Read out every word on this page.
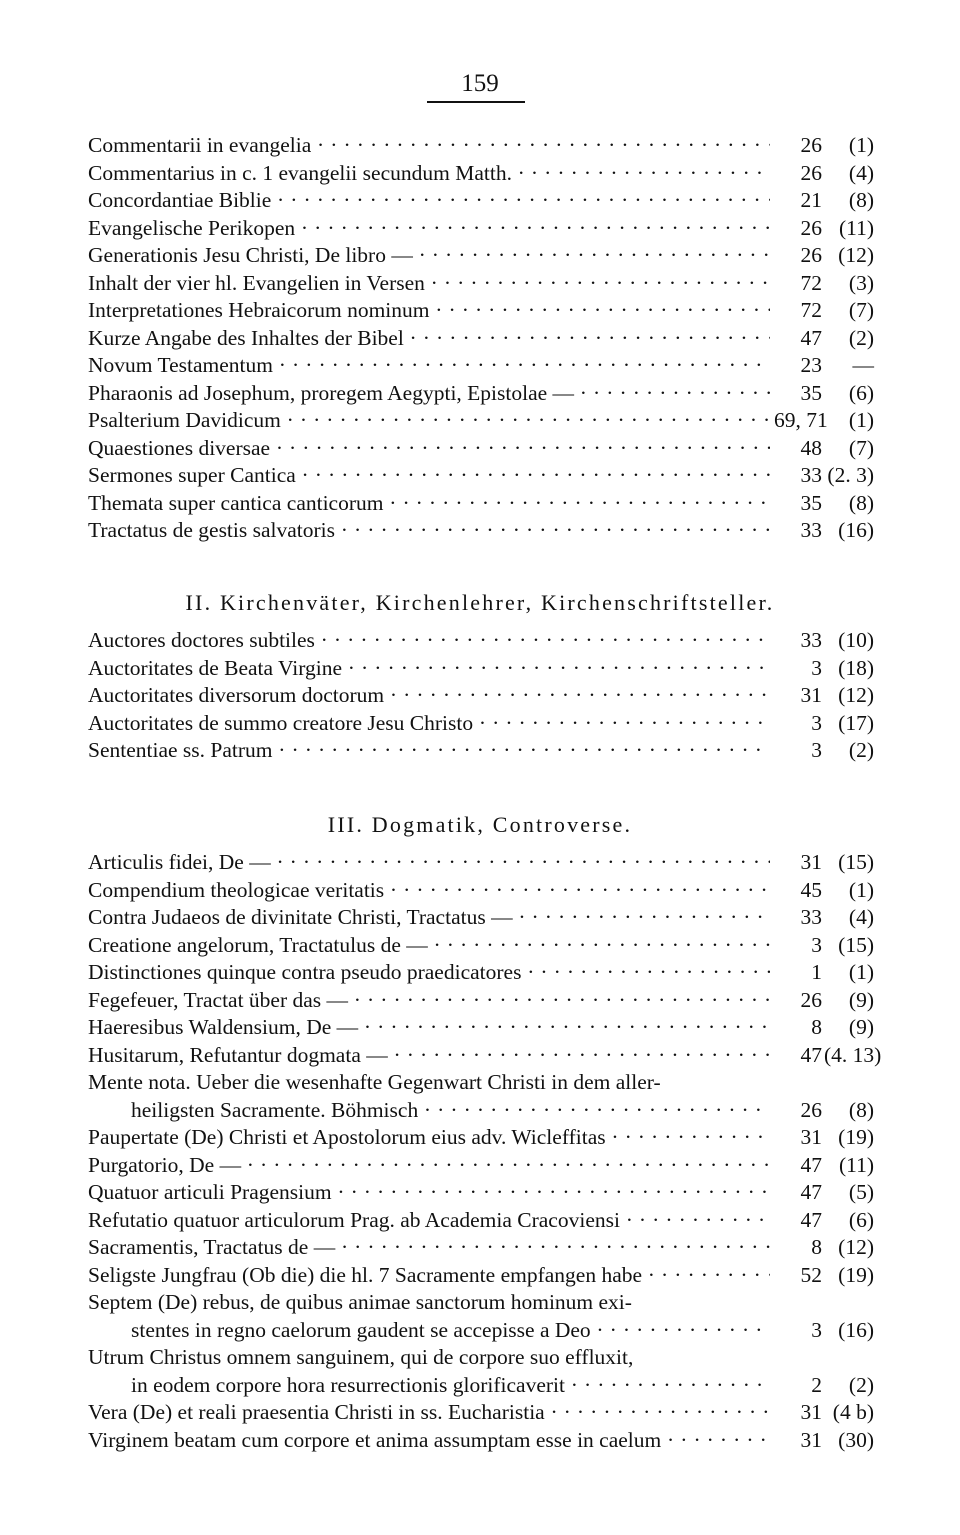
159
Commentarii in evangelia · · ·	26	(1)
Commentarius in c. 1 evangelii secundum Matth. · · ·	26	(4)
Concordantiae Biblie · · ·	21	(8)
Evangelische Perikopen · · ·	26 (11)
Generationis Jesu Christi, De libro — · · ·	26 (12)
Inhalt der vier hl. Evangelien in Versen · · ·	72	(3)
Interpretationes Hebraicorum nominum · · ·	72	(7)
Kurze Angabe des Inhaltes der Bibel · · ·	47	(2)
Novum Testamentum · · ·	23	—
Pharaonis ad Josephum, proregem Aegypti, Epistolae — · · ·	35	(6)
Psalterium Davidicum · · ·	69, 71 (1)
Quaestiones diversae · · ·	48	(7)
Sermones super Cantica · · ·	33 (2. 3)
Themata super cantica canticorum · · ·	35	(8)
Tractatus de gestis salvatoris · · ·	33 (16)
II. Kirchenväter, Kirchenlehrer, Kirchenschriftsteller.
Auctores doctores subtiles · · ·	33 (10)
Auctoritates de Beata Virgine · · ·	3 (18)
Auctoritates diversorum doctorum · · ·	31 (12)
Auctoritates de summo creatore Jesu Christo · · ·	3 (17)
Sententiae ss. Patrum · · ·	3	(2)
III. Dogmatik, Controverse.
Articulis fidei, De — · · ·	31 (15)
Compendium theologicae veritatis · · ·	45	(1)
Contra Judaeos de divinitate Christi, Tractatus — · · ·	33	(4)
Creatione angelorum, Tractatulus de — · · ·	3 (15)
Distinctiones quinque contra pseudo praedicatores · · ·	1	(1)
Fegefeuer, Tractat über das — · · ·	26	(9)
Haeresibus Waldensium, De — · · ·	8	(9)
Husitarum, Refutantur dogmata — · · ·	47 (4. 13)
Mente nota. Ueber die wesenhafte Gegenwart Christi in dem aller-
heiligsten Sacramente. Böhmisch · · ·	26	(8)
Paupertate (De) Christi et Apostolorum eius adv. Wicleffitas · · ·	31 (19)
Purgatorio, De — · · ·	47 (11)
Quatuor articuli Pragensium · · ·	47	(5)
Refutatio quatuor articulorum Prag. ab Academia Cracoviensi · · ·	47	(6)
Sacramentis, Tractatus de — · · ·	8 (12)
Seligste Jungfrau (Ob die) die hl. 7 Sacramente empfangen habe · · ·	52 (19)
Septem (De) rebus, de quibus animae sanctorum hominum exi-
stentes in regno caelorum gaudent se accepisse a Deo · · ·	3 (16)
Utrum Christus omnem sanguinem, qui de corpore suo effluxit,
in eodem corpore hora resurrectionis glorificaverit · · ·	2	(2)
Vera (De) et reali praesentia Christi in ss. Eucharistia · · ·	31 (4 b)
Virginem beatam cum corpore et anima assumptam esse in caelum · · ·	31 (30)
